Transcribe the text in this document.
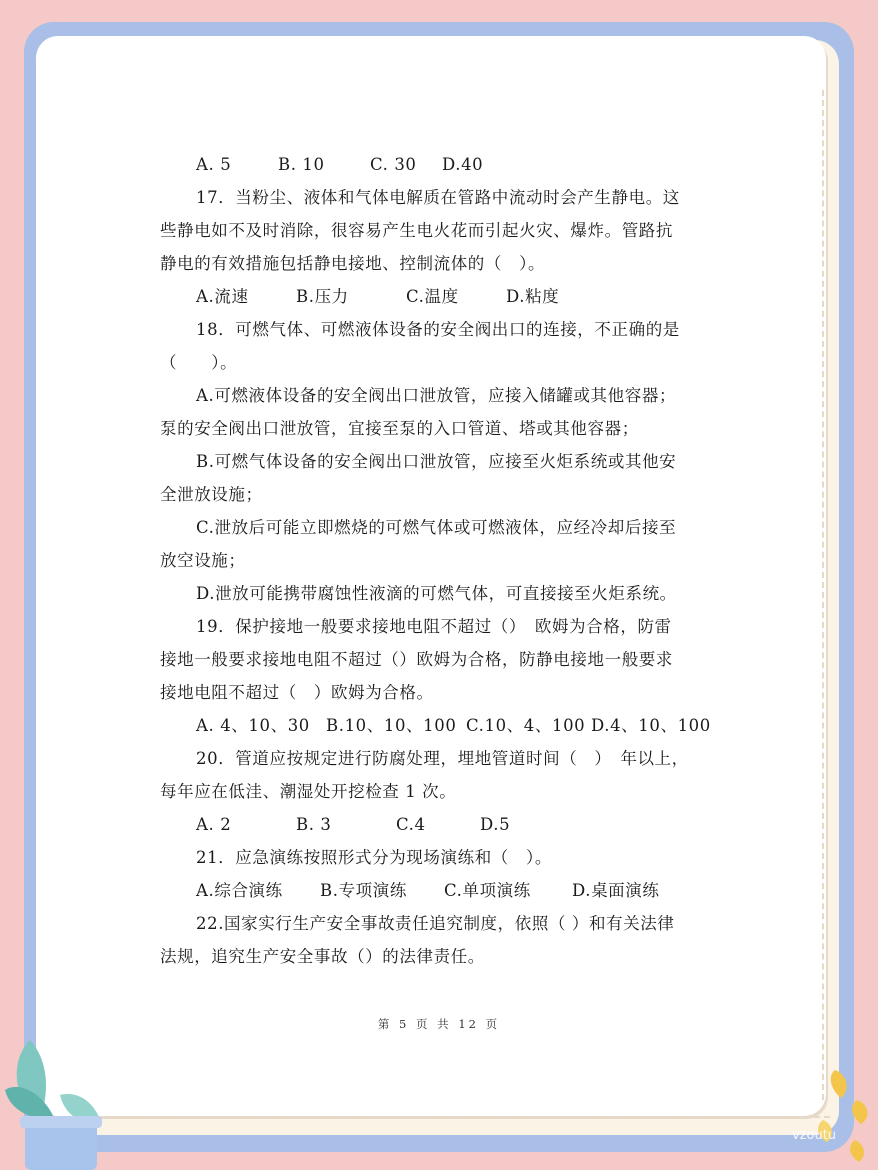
A. 5	B. 10	C. 30	D.40
17．当粉尘、液体和气体电解质在管路中流动时会产生静电。这
些静电如不及时消除，很容易产生电火花而引起火灾、爆炸。管路抗
静电的有效措施包括静电接地、控制流体的（　）。
A.流速	B.压力	C.温度	D.粘度
18．可燃气体、可燃液体设备的安全阀出口的连接，不正确的是
（　　）。
A.可燃液体设备的安全阀出口泄放管，应接入储罐或其他容器；
泵的安全阀出口泄放管，宜接至泵的入口管道、塔或其他容器；
B.可燃气体设备的安全阀出口泄放管，应接至火炬系统或其他安
全泄放设施；
C.泄放后可能立即燃烧的可燃气体或可燃液体，应经冷却后接至
放空设施；
D.泄放可能携带腐蚀性液滴的可燃气体，可直接接至火炬系统。
19．保护接地一般要求接地电阻不超过（）　欧姆为合格，防雷
接地一般要求接地电阻不超过（）欧姆为合格，防静电接地一般要求
接地电阻不超过（　）欧姆为合格。
A. 4、10、30 B.10、10、100 C.10、4、100 D.4、10、100
20．管道应按规定进行防腐处理，埋地管道时间（　）　年以上，
每年应在低洼、潮湿处开挖检查 1 次。
A. 2	B. 3	C.4	D.5
21．应急演练按照形式分为现场演练和（　）。
A.综合演练	B.专项演练	C.单项演练	D.桌面演练
22.国家实行生产安全事故责任追究制度，依照（ ）和有关法律
法规，追究生产安全事故（）的法律责任。
第 5 页 共 12 页
vzoutu
